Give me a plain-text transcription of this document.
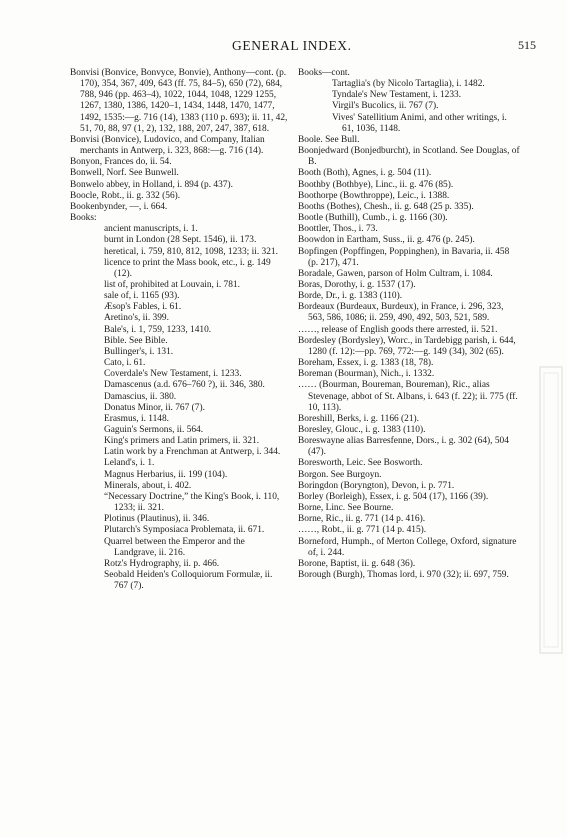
GENERAL INDEX.	515

Bonvisi (Bonvice, Bonvyce, Bonvie), Anthony—cont. (p. 170), 354, 367, 409, 643 (ff. 75, 84–5), 650 (72), 684, 788, 946 (pp. 463–4), 1022, 1044, 1048, 1229 1255, 1267, 1380, 1386, 1420–1, 1434, 1448, 1470, 1477, 1492, 1535:—g. 716 (14), 1383 (110 p. 693); ii. 11, 42, 51, 70, 88, 97 (1, 2), 132, 188, 207, 247, 387, 618.

Bonvisi (Bonvice), Ludovico, and Company, Italian merchants in Antwerp, i. 323, 868:—g. 716 (14).

Bonyon, Frances do, ii. 54.

Bonwell, Norf. See Bunwell.

Bonwelo abbey, in Holland, i. 894 (p. 437).

Boocle, Robt., ii. g. 332 (56).

Bookenbynder, —, i. 664.

Books:

ancient manuscripts, i. 1.

burnt in London (28 Sept. 1546), ii. 173.

heretical, i. 759, 810, 812, 1098, 1233; ii. 321.

licence to print the Mass book, etc., i. g. 149 (12).

list of, prohibited at Louvain, i. 781.

sale of, i. 1165 (93).

Æsop's Fables, i. 61.

Aretino's, ii. 399.

Bale's, i. 1, 759, 1233, 1410.

Bible. See Bible.

Bullinger's, i. 131.

Cato, i. 61.

Coverdale's New Testament, i. 1233.

Damascenus (a.d. 676–760 ?), ii. 346, 380.

Damascius, ii. 380.

Donatus Minor, ii. 767 (7).

Erasmus, i. 1148.

Gaguin's Sermons, ii. 564.

King's primers and Latin primers, ii. 321.

Latin work by a Frenchman at Antwerp, i. 344.

Leland's, i. 1.

Magnus Herbarius, ii. 199 (104).

Minerals, about, i. 402.

“Necessary Doctrine,” the King's Book, i. 110, 1233; ii. 321.

Plotinus (Plautinus), ii. 346.

Plutarch's Symposiaca Problemata, ii. 671.

Quarrel between the Emperor and the Landgrave, ii. 216.

Rotz's Hydrography, ii. p. 466.

Seobald Heiden's Colloquiorum Formulæ, ii. 767 (7).

Books—cont.

Tartaglia's (by Nicolo Tartaglia), i. 1482.

Tyndale's New Testament, i. 1233.

Virgil's Bucolics, ii. 767 (7).

Vives' Satellitium Animi, and other writings, i. 61, 1036, 1148.

Boole. See Bull.

Boonjedward (Bonjedburcht), in Scotland. See Douglas, of B.

Booth (Both), Agnes, i. g. 504 (11).

Boothby (Bothbye), Linc., ii. g. 476 (85).

Boothorpe (Bowthroppe), Leic., i. 1388.

Booths (Bothes), Chesh., ii. g. 648 (25 p. 335).

Bootle (Buthill), Cumb., i. g. 1166 (30).

Boottler, Thos., i. 73.

Boowdon in Eartham, Suss., ii. g. 476 (p. 245).

Bopfingen (Popffingen, Poppinghen), in Bavaria, ii. 458 (p. 217), 471.

Boradale, Gawen, parson of Holm Cultram, i. 1084.

Boras, Dorothy, i. g. 1537 (17).

Borde, Dr., i. g. 1383 (110).

Bordeaux (Burdeaux, Burdeux), in France, i. 296, 323, 563, 586, 1086; ii. 259, 490, 492, 503, 521, 589.

……, release of English goods there arrested, ii. 521.

Bordesley (Bordysley), Worc., in Tardebigg parish, i. 644, 1280 (f. 12):—pp. 769, 772:—g. 149 (34), 302 (65).

Boreham, Essex, i. g. 1383 (18, 78).

Boreman (Bourman), Nich., i. 1332.

…… (Bourman, Boureman, Boureman), Ric., alias Stevenage, abbot of St. Albans, i. 643 (f. 22); ii. 775 (ff. 10, 113).

Boreshill, Berks, i. g. 1166 (21).

Boresley, Glouc., i. g. 1383 (110).

Boreswayne alias Barresfenne, Dors., i. g. 302 (64), 504 (47).

Boresworth, Leic. See Bosworth.

Borgon. See Burgoyn.

Boringdon (Boryngton), Devon, i. p. 771.

Borley (Borleigh), Essex, i. g. 504 (17), 1166 (39).

Borne, Linc. See Bourne.

Borne, Ric., ii. g. 771 (14 p. 416).

……, Robt., ii. g. 771 (14 p. 415).

Borneford, Humph., of Merton College, Oxford, signature of, i. 244.

Borone, Baptist, ii. g. 648 (36).

Borough (Burgh), Thomas lord, i. 970 (32); ii. 697, 759.
